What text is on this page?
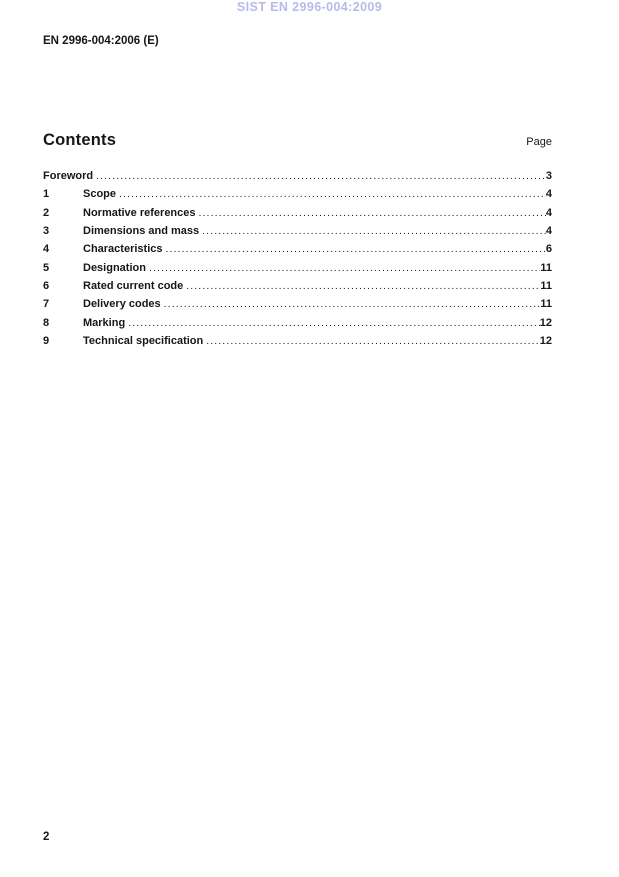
SIST EN 2996-004:2009
EN 2996-004:2006 (E)
Contents	Page
Foreword .....	3
1	Scope .....	4
2	Normative references .....	4
3	Dimensions and mass .....	4
4	Characteristics .....	6
5	Designation .....	11
6	Rated current code .....	11
7	Delivery codes .....	11
8	Marking .....	12
9	Technical specification .....	12
2
